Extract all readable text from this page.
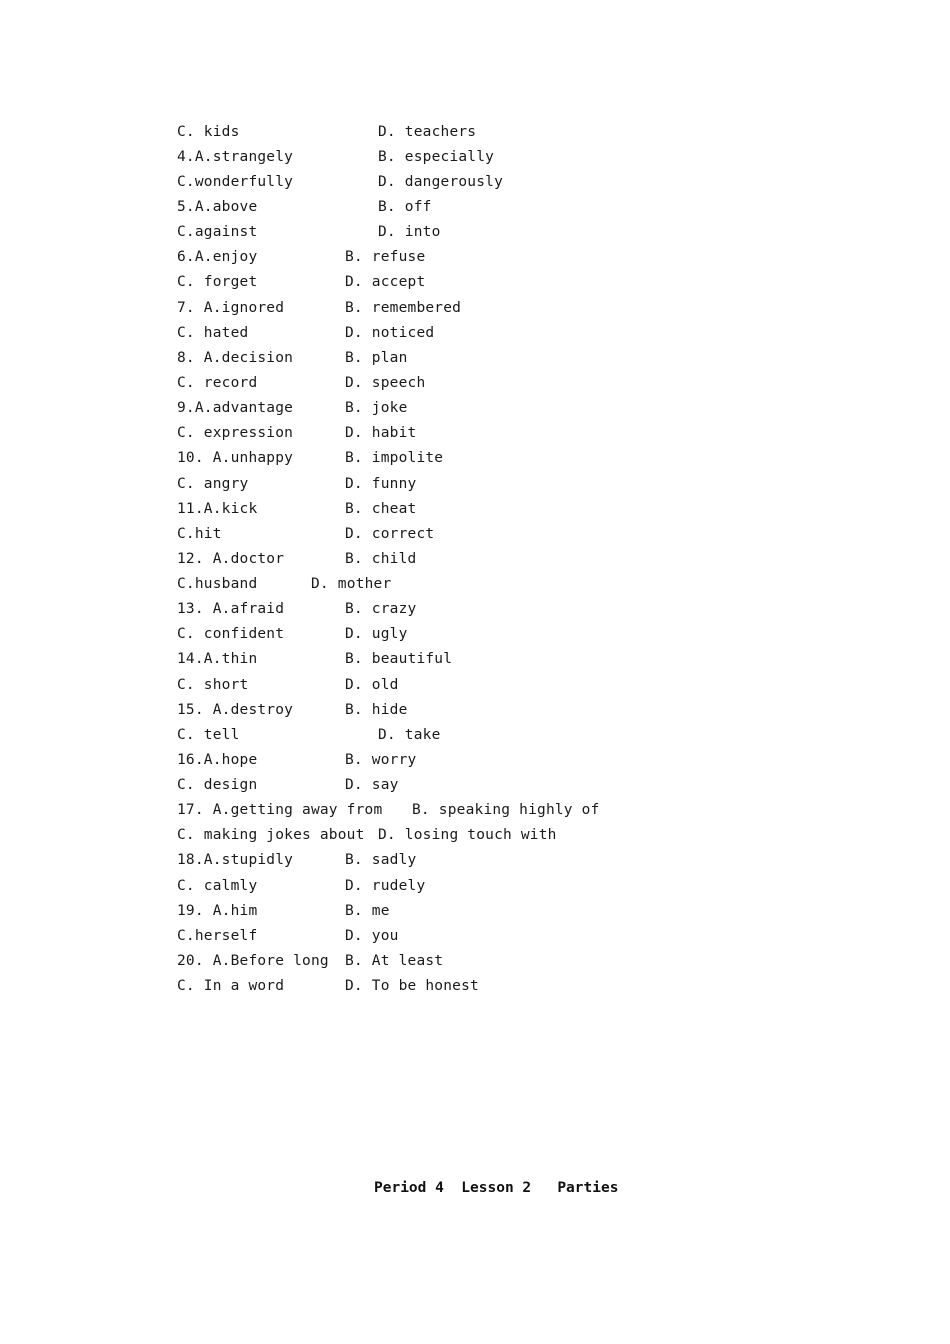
C. kids
4.A.strangely
C.wonderfully
5.A.above
C.against
6.A.enjoy
C. forget
7. A.ignored
C. hated
8. A.decision
C. record
9.A.advantage
C. expression
10. A.unhappy
C. angry
11.A.kick
C.hit
12. A.doctor
C.husband
13. A.afraid
C. confident
14.A.thin
C. short
15. A.destroy
C. tell
16.A.hope
C. design
17. A.getting away from
C. making jokes about
18.A.stupidly
C. calmly
19. A.him
C.herself
20. A.Before long
C. In a word
D. teachers
B. especially
D. dangerously
B. off
D. into
B. refuse
D. accept
B. remembered
D. noticed
B. plan
D. speech
B. joke
D. habit
B. impolite
D. funny
B. cheat
D. correct
B. child
D. mother
B. crazy
D. ugly
B. beautiful
D. old
B. hide
D. take
B. worry
D. say
B. speaking highly of
D. losing touch with
B. sadly
D. rudely
B. me
D. you
B. At least
D. To be honest
Period 4  Lesson 2   Parties
